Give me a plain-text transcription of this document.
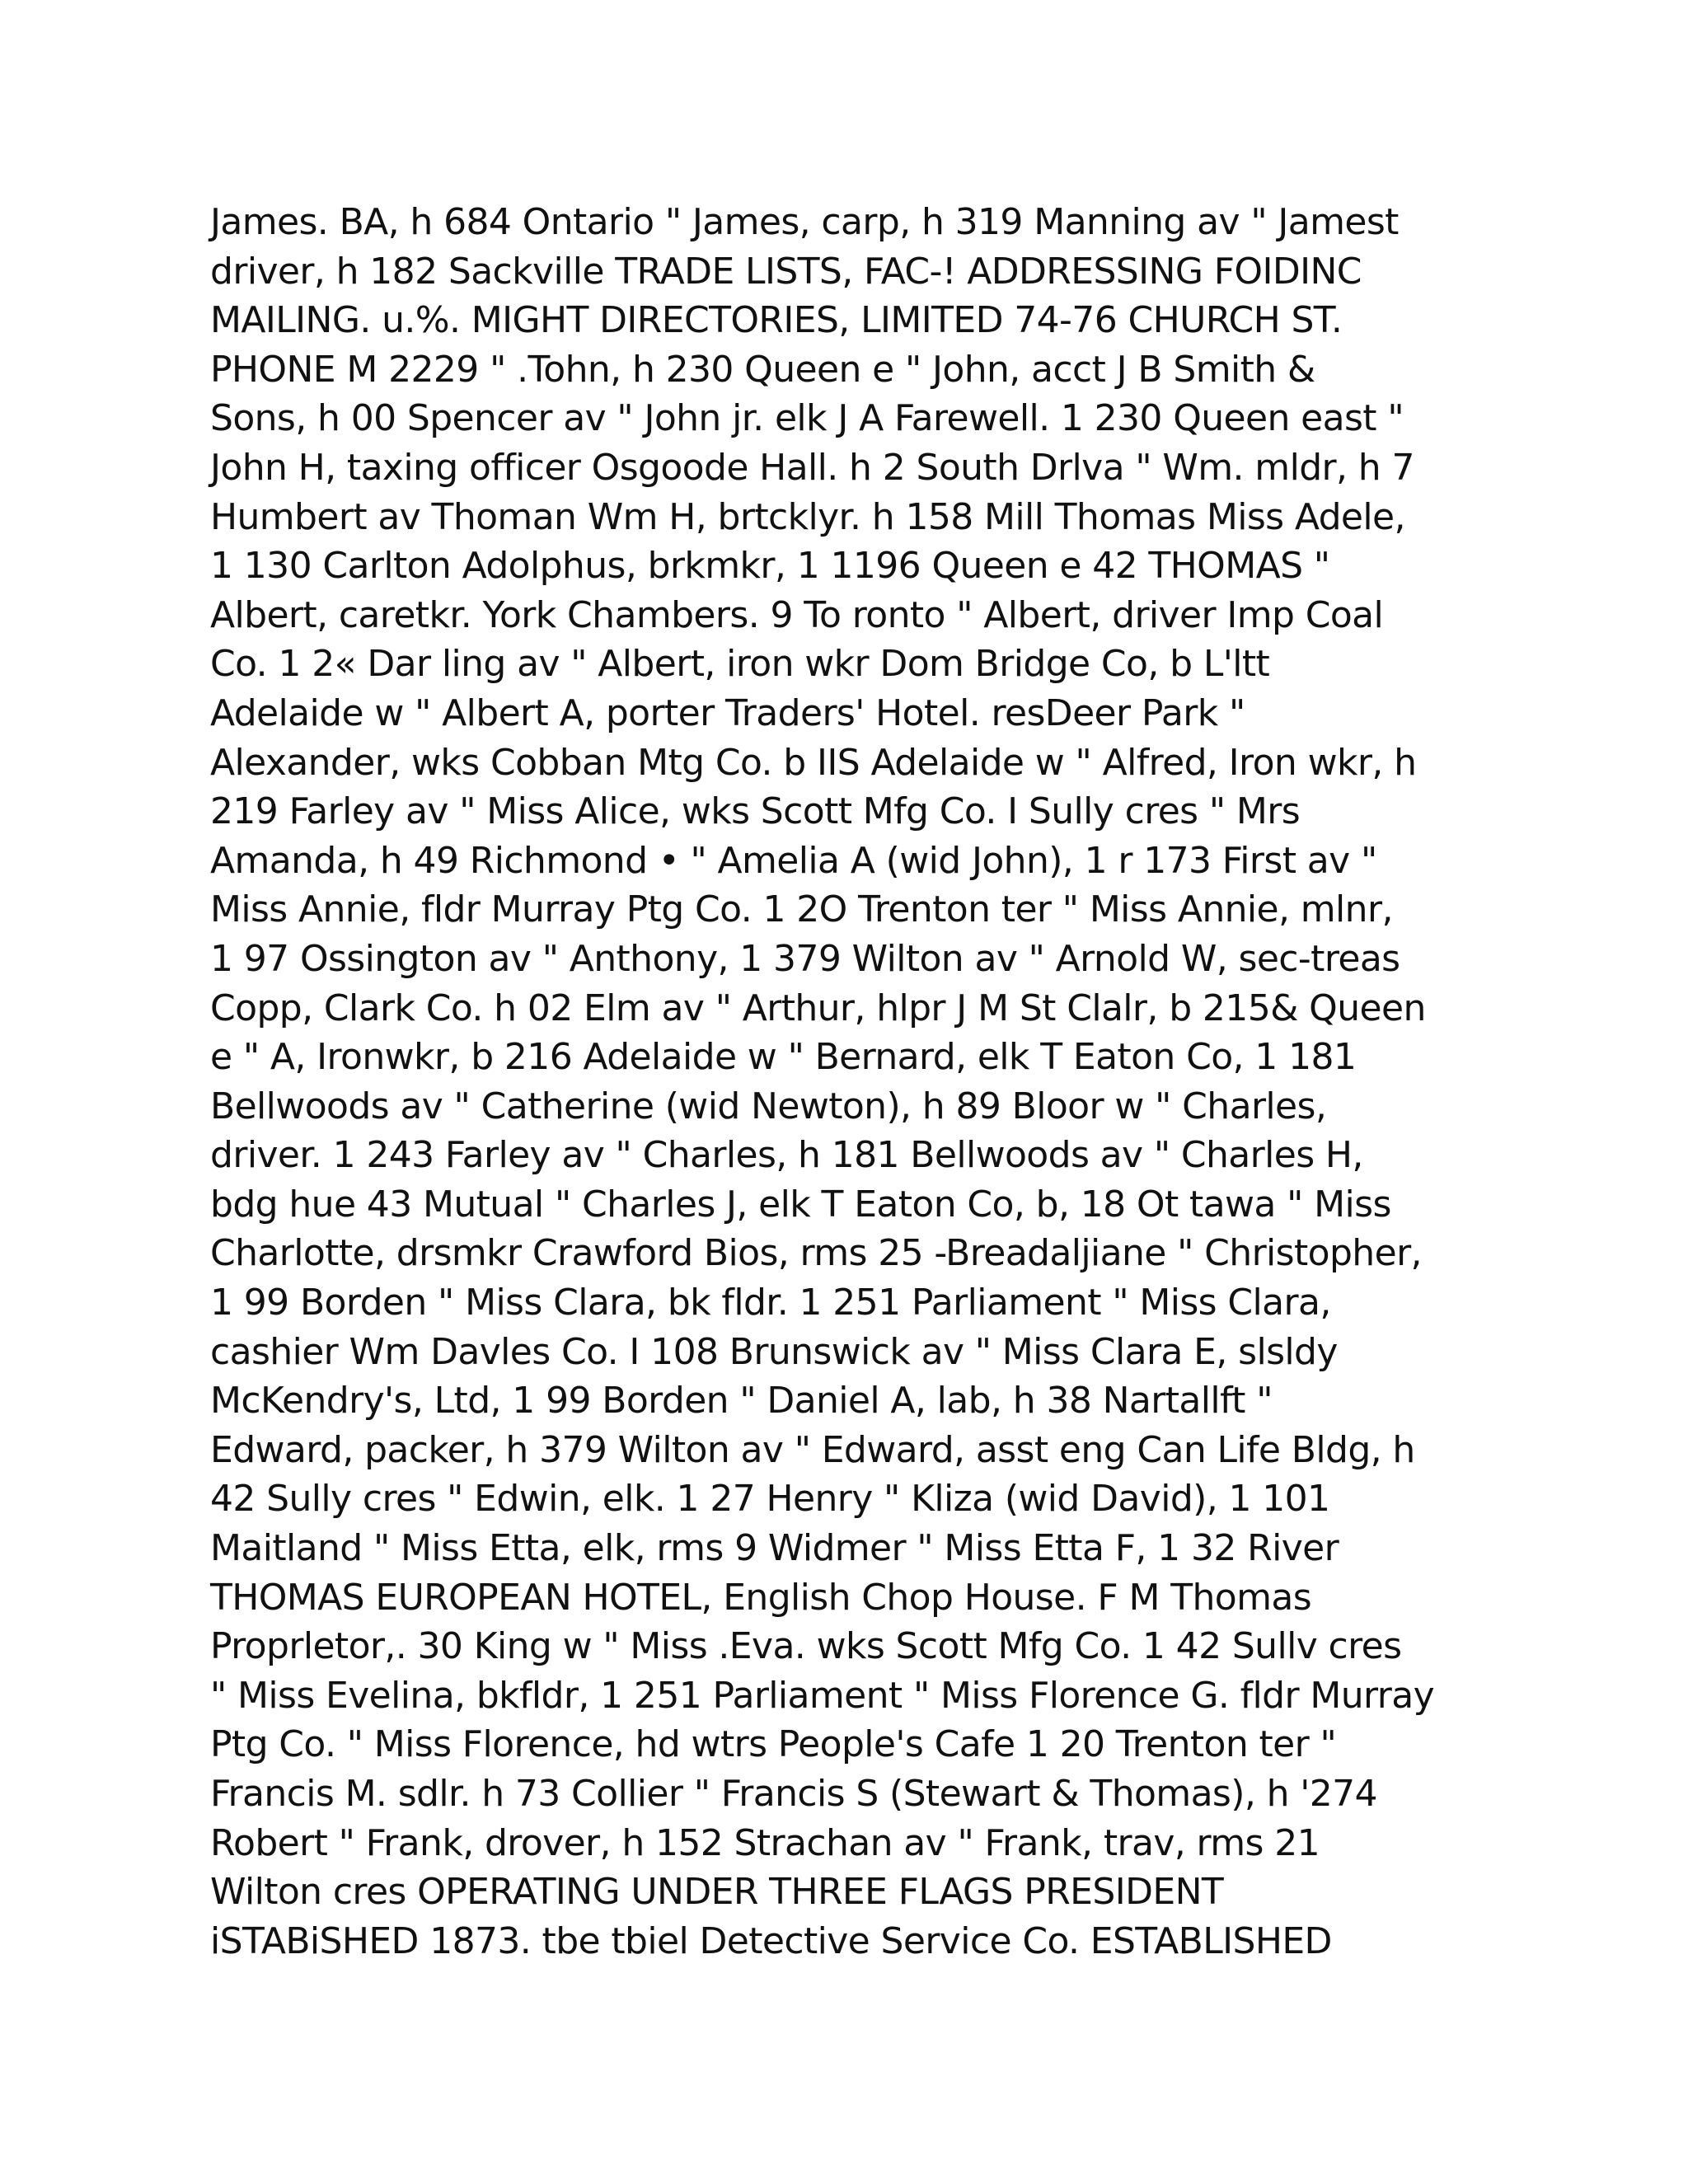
James. BA, h 684 Ontario " James, carp, h 319 Manning av " Jamest
driver, h 182 Sackville TRADE LISTS, FAC-! ADDRESSING FOIDINC
MAILING. u.%. MIGHT DIRECTORIES, LIMITED 74-76 CHURCH ST.
PHONE M 2229 " .Tohn, h 230 Queen e " John, acct J B Smith &
Sons, h 00 Spencer av " John jr. elk J A Farewell. 1 230 Queen east "
John H, taxing officer Osgoode Hall. h 2 South Drlva " Wm. mldr, h 7
Humbert av Thoman Wm H, brtcklyr. h 158 Mill Thomas Miss Adele,
1 130 Carlton Adolphus, brkmkr, 1 1196 Queen e 42 THOMAS "
Albert, caretkr. York Chambers. 9 To ronto " Albert, driver Imp Coal
Co. 1 2« Dar ling av " Albert, iron wkr Dom Bridge Co, b L'ltt
Adelaide w " Albert A, porter Traders' Hotel. resDeer Park "
Alexander, wks Cobban Mtg Co. b IIS Adelaide w " Alfred, Iron wkr, h
219 Farley av " Miss Alice, wks Scott Mfg Co. I Sully cres " Mrs
Amanda, h 49 Richmond • " Amelia A (wid John), 1 r 173 First av "
Miss Annie, fldr Murray Ptg Co. 1 2O Trenton ter " Miss Annie, mlnr,
1 97 Ossington av " Anthony, 1 379 Wilton av " Arnold W, sec-treas
Copp, Clark Co. h 02 Elm av " Arthur, hlpr J M St Clalr, b 215& Queen
e " A, Ironwkr, b 216 Adelaide w " Bernard, elk T Eaton Co, 1 181
Bellwoods av " Catherine (wid Newton), h 89 Bloor w " Charles,
driver. 1 243 Farley av " Charles, h 181 Bellwoods av " Charles H,
bdg hue 43 Mutual " Charles J, elk T Eaton Co, b, 18 Ot tawa " Miss
Charlotte, drsmkr Crawford Bios, rms 25 -Breadaljiane " Christopher,
1 99 Borden " Miss Clara, bk fldr. 1 251 Parliament " Miss Clara,
cashier Wm Davles Co. I 108 Brunswick av " Miss Clara E, slsldy
McKendry's, Ltd, 1 99 Borden " Daniel A, lab, h 38 Nartallft "
Edward, packer, h 379 Wilton av " Edward, asst eng Can Life Bldg, h
42 Sully cres " Edwin, elk. 1 27 Henry " Kliza (wid David), 1 101
Maitland " Miss Etta, elk, rms 9 Widmer " Miss Etta F, 1 32 River
THOMAS EUROPEAN HOTEL, English Chop House. F M Thomas
Proprletor,. 30 King w " Miss .Eva. wks Scott Mfg Co. 1 42 Sullv cres
" Miss Evelina, bkfldr, 1 251 Parliament " Miss Florence G. fldr Murray
Ptg Co. " Miss Florence, hd wtrs People's Cafe 1 20 Trenton ter "
Francis M. sdlr. h 73 Collier " Francis S (Stewart & Thomas), h '274
Robert " Frank, drover, h 152 Strachan av " Frank, trav, rms 21
Wilton cres OPERATING UNDER THREE FLAGS PRESIDENT
iSTABiSHED 1873. tbe tbiel Detective Service Co. ESTABLISHED
